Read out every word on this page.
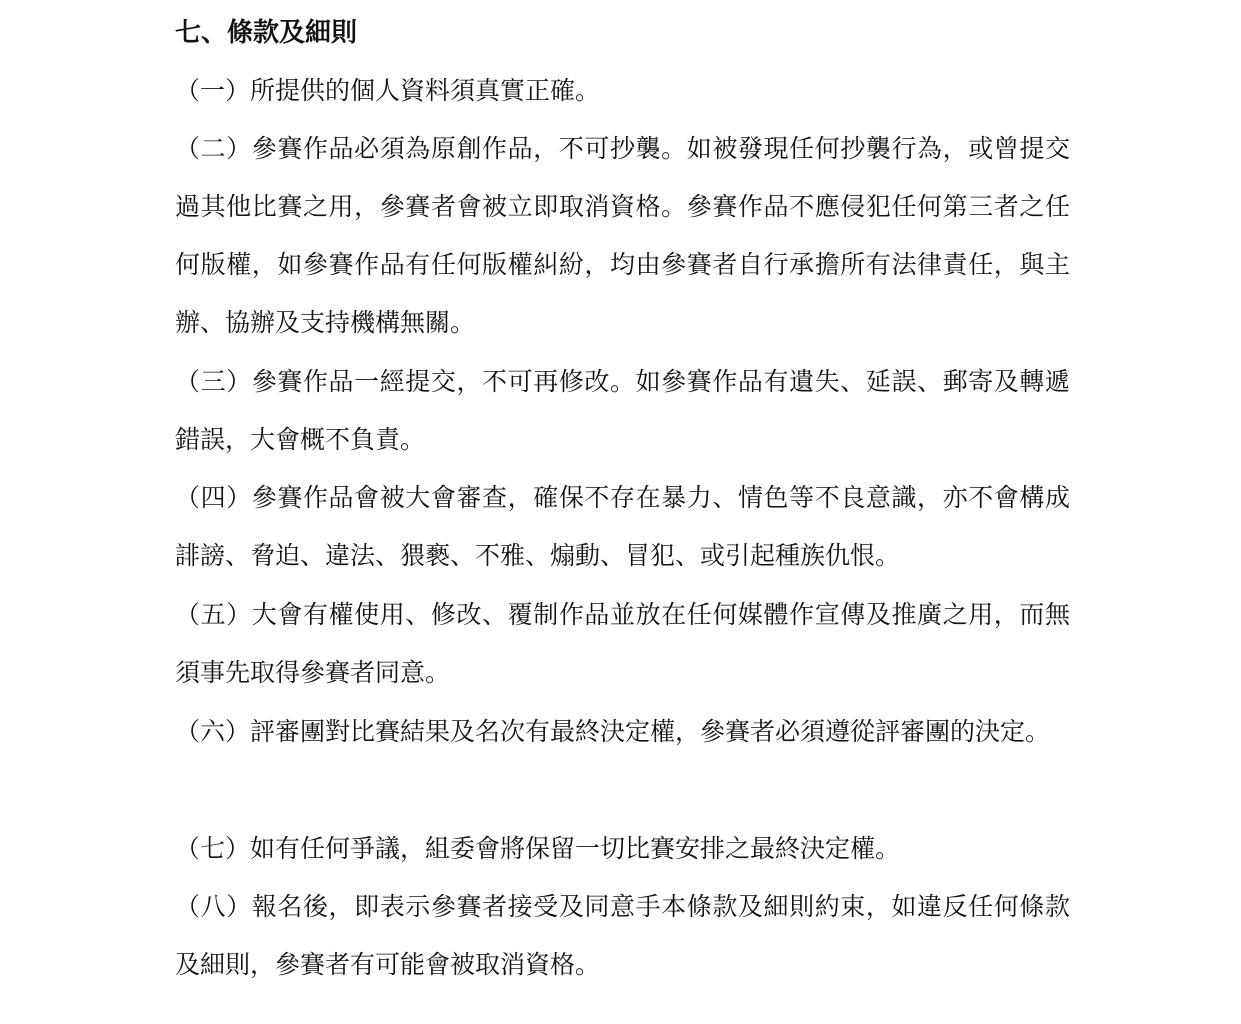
七、條款及細則
（一）所提供的個人資料須真實正確。
（二）參賽作品必須為原創作品，不可抄襲。如被發現任何抄襲行為，或曾提交過其他比賽之用，參賽者會被立即取消資格。參賽作品不應侵犯任何第三者之任何版權，如參賽作品有任何版權糾紛，均由參賽者自行承擔所有法律責任，與主辦、協辦及支持機構無關。
（三）參賽作品一經提交，不可再修改。如參賽作品有遺失、延誤、郵寄及轉遞錯誤，大會概不負責。
（四）參賽作品會被大會審查，確保不存在暴力、情色等不良意識，亦不會構成誹謗、脅迫、違法、猥褻、不雅、煽動、冒犯、或引起種族仇恨。
（五）大會有權使用、修改、覆制作品並放在任何媒體作宣傳及推廣之用，而無須事先取得參賽者同意。
（六）評審團對比賽結果及名次有最終決定權，參賽者必須遵從評審團的決定。
（七）如有任何爭議，組委會將保留一切比賽安排之最終決定權。
（八）報名後，即表示參賽者接受及同意手本條款及細則約束，如違反任何條款及細則，參賽者有可能會被取消資格。
